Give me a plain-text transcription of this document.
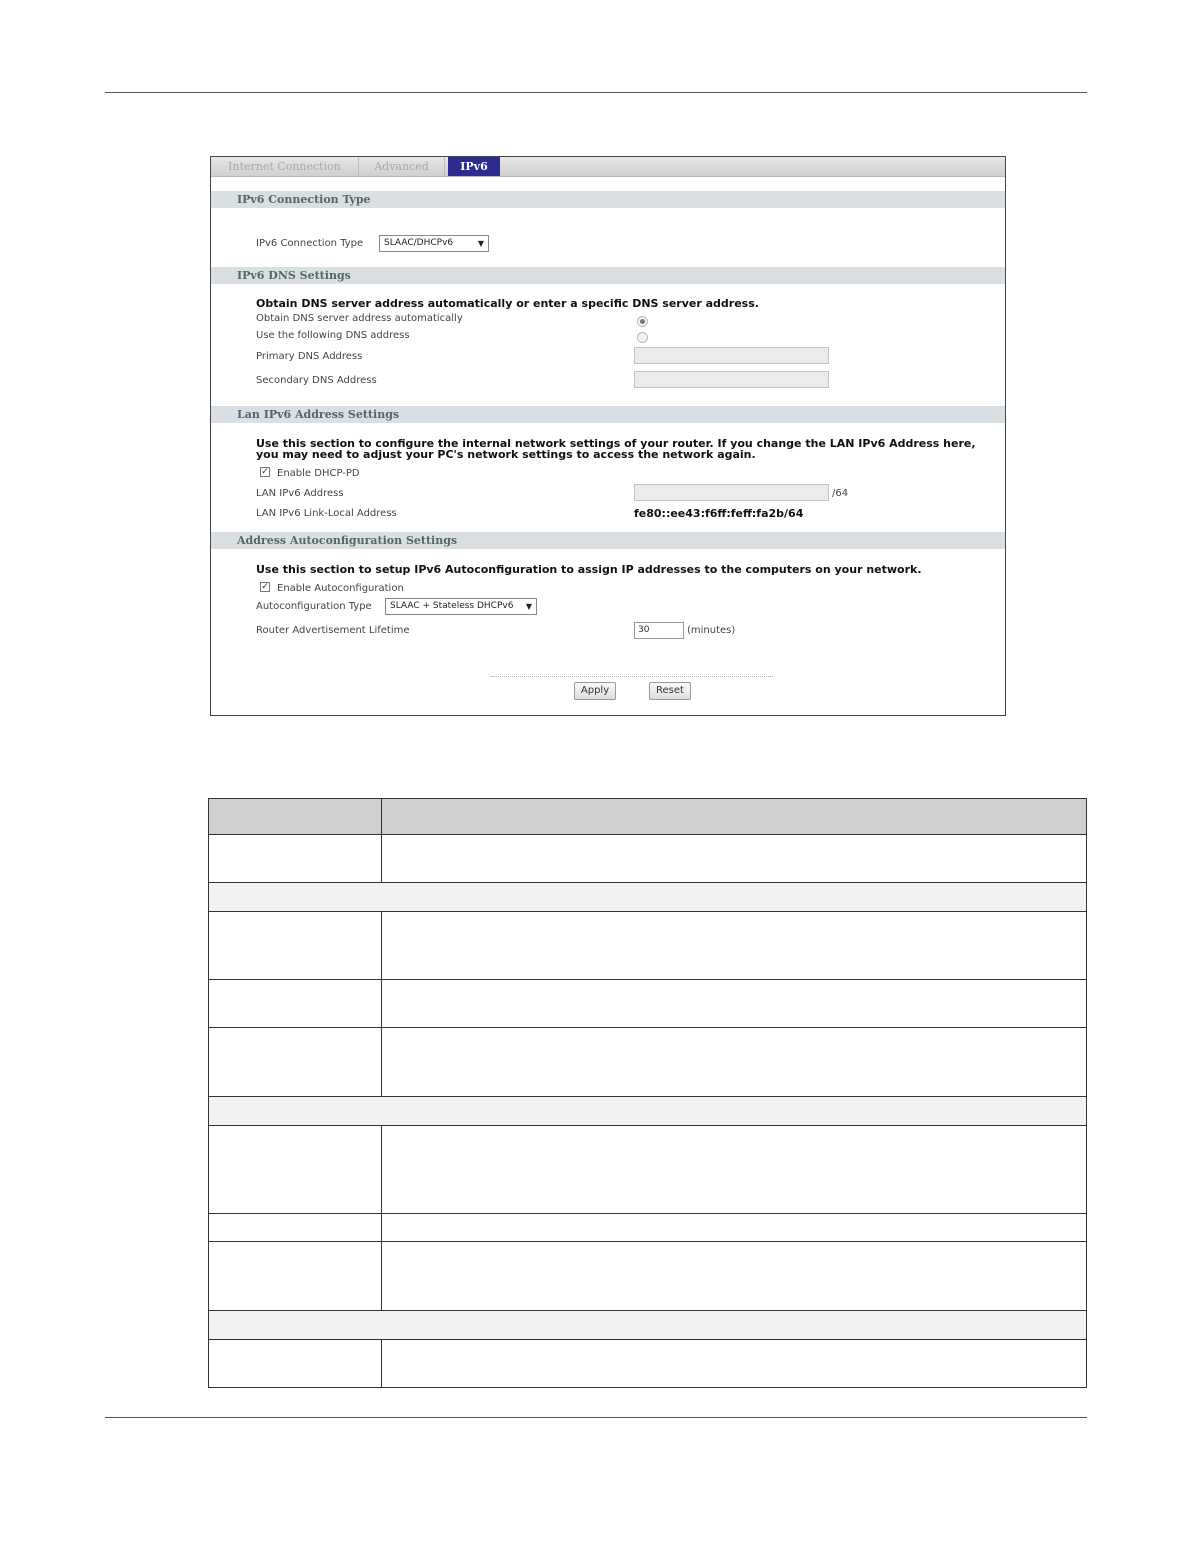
Internet Connection	Advanced	IPv6
IPv6 Connection Type
IPv6 Connection Type	SLAAC/DHCPv6	▼
IPv6 DNS Settings
Obtain DNS server address automatically or enter a specific DNS server address.
Obtain DNS server address automatically
Use the following DNS address
Primary DNS Address
Secondary DNS Address
Lan IPv6 Address Settings
Use this section to configure the internal network settings of your router. If you change the LAN IPv6 Address here, you may need to adjust your PC's network settings to access the network again.
✓ Enable DHCP-PD
LAN IPv6 Address	/64
LAN IPv6 Link-Local Address	fe80::ee43:f6ff:feff:fa2b/64
Address Autoconfiguration Settings
Use this section to setup IPv6 Autoconfiguration to assign IP addresses to the computers on your network.
✓ Enable Autoconfiguration
Autoconfiguration Type	SLAAC + Stateless DHCPv6 ▼
Router Advertisement Lifetime	30	(minutes)
Apply	Reset
